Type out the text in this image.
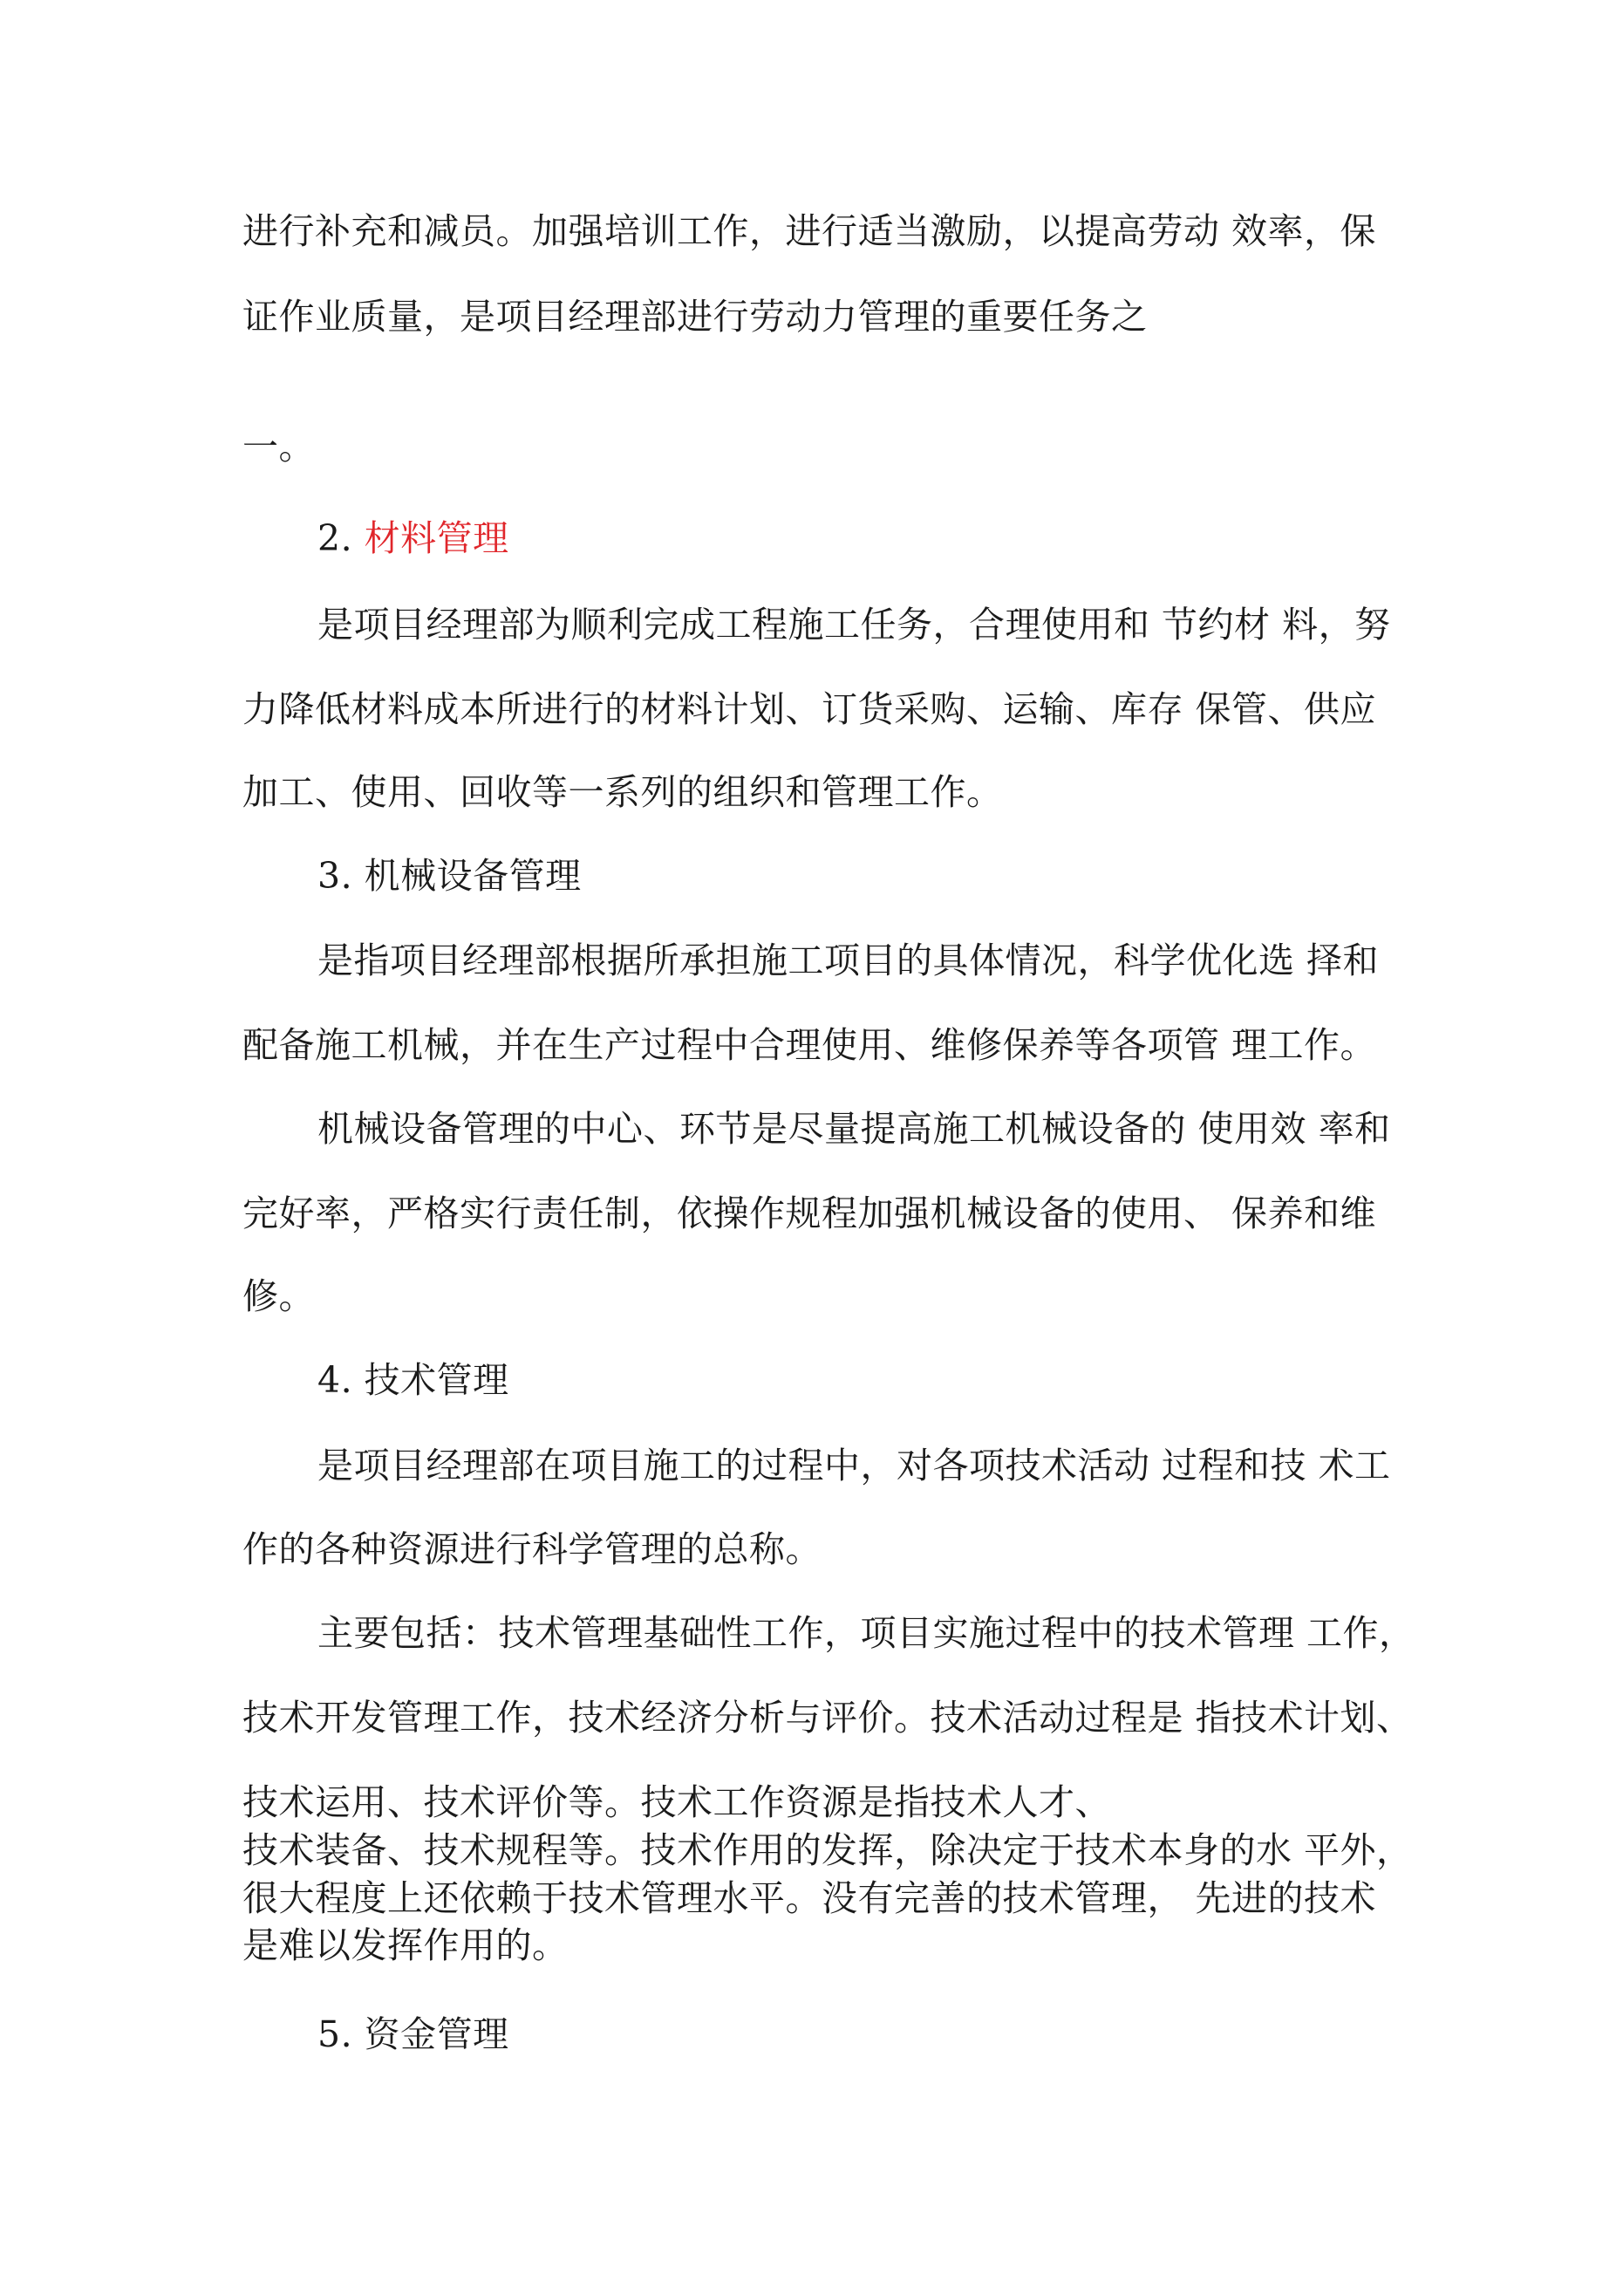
进行补充和减员。加强培训工作，进行适当激励，以提高劳动 效率，保
证作业质量，是项目经理部进行劳动力管理的重要任务之
一。
2. 材料管理
是项目经理部为顺利完成工程施工任务，合理使用和 节约材 料，努
力降低材料成本所进行的材料计划、订货采购、运输、库存 保管、供应
加工、使用、回收等一系列的组织和管理工作。
3. 机械设备管理
是指项目经理部根据所承担施工项目的具体情况，科学优化选 择和
配备施工机械，并在生产过程中合理使用、维修保养等各项管 理工作。
机械设备管理的中心、环节是尽量提高施工机械设备的 使用效 率和
完好率，严格实行责任制，依操作规程加强机械设备的使用、 保养和维
修。
4. 技术管理
是项目经理部在项目施工的过程中，对各项技术活动 过程和技 术工
作的各种资源进行科学管理的总称。
主要包括：技术管理基础性工作，项目实施过程中的技术管理 工作，
技术开发管理工作，技术经济分析与评价。技术活动过程是 指技术计划、
技术运用、技术评价等。技术工作资源是指技术人才、
技术装备、技术规程等。技术作用的发挥，除决定于技术本身的水 平外，
很大程度上还依赖于技术管理水平。没有完善的技术管理， 先进的技术
是难以发挥作用的。
5. 资金管理
